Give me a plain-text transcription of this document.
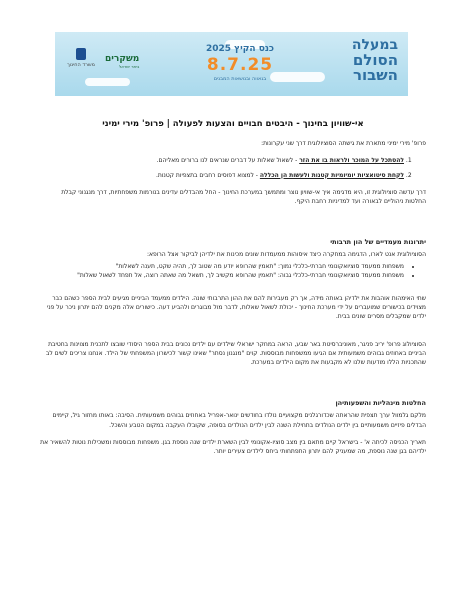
במעלה
הסולם
השבור
כנס הקיץ 2025
8.7.25
בגאווה ובנושאות המבנים
משקרים
ביתר ישראל
משרד החינוך
אי-שוויון בחינוך - היבטים חבויים והצעות לפעולה | פרופ' מירי ימיני

פרופ' מירי ימיני מתארת את גישתה הסוציולוגית דרך שני עקרונות:

1. להסתכל על המוכר ולראות בו את הזר - לשאול שאלות על דברים שנראים לנו ברורים מאליהם.
2. לקחת סיטואציות יומיומיות קטנות ולעשות הן הכללה - למצוא דפוסים רחבים בתצפיות קטנות.

דרך עדשה סוציולוגית זו, היא מדגימה איך אי-שוויון נוצר ומתמשך במערכת החינוך - החל מהבדלים עדינים בנורמות משפחתיות, דרך מנגנוני קבלת החלטות ניהוליים לבאורה ועד למדיניות רחבת היקף.

יתרונות מעמדיים של הון תרבותי

הסוציולוגית אנט לארו, הדגימה במחקרה כיצד איסוהות ממעמדות שונים מכינות את ילדיהן לביקור אצל הרופא:

• משפחות ממעמד סוציואקונומי חברתי-כלכלי נמוך: "תאמין שהרופא יודע מה שטוב לך, תהיה שקט, תענה לשאלות"
• משפחות ממעמד סוציואקונומי חברתי-כלכלי גבוה: "תאמין שהרופא מקשיב לך, תשאל מה שאתה רוצה, אל תפחד לשאול שאלות"

שתי האימהות אוהבות את ילדיהן באותה מידה, אך רק מעבירות להם את ההון התרבותי שונה. הילדים ממעמד הביניים מגיעים לבית הספר כשהם כבר מצוידים בכישורים שמועברים על ידי מערכת החינוך - יכולת לשאול שאלות, לדבר מול מבוגרים ולהביע דעה. כישורים אלה מקנים להם יתרון ניכר על פני ילדים שמקבלים מסרים שונים בבית.

הסוציולוג פרופ' יריב פניגר, מאוניברסיטת באר שבע, הראה במחקר ישראלי שילדים עם ילדים נכונים בבית הספר היסודי שובצו לתכנית מצוינות בחטיבת הביניים באחוזים גבוהים משמעותית אם הגיעו ממשפחות מבוססות. קוים "מנגנון נסתר" שאינו קשור לכישרון המשפחתי של הילד. אנחנו צריכים לשים לב שהתכניות הללו מודעות שלנו לא מקבעות את מקום הילדים במערכת.

החלטות מינהליות והשפעותיהן

מלקם גלמוול ערך תצפית שהראתה שכדורגלנים מקצועיים נולדו בחודשים ינואר-אפריל באחוזים גבוהים משמעותית. הסיבה: באותו מחזור גיל, קיימים הבדלים פיזיים משמעותיים בין ילדים הנולדים בתחילת השנה לבין ילדים הנולדים בסופה, שקובלו העקבה במקום הטבע והשכל.

תאריך הכניסה לכיתה א' - בישראל קיים מתאם בין מצב סוציו-אקונומי לבין השארת ילדים שנה נוספת בגן. משפחות מבוססות ומשכילות נוטות להשאיר את ילדיהם בגן שנה נוספת, מה שמעניק להם יתרון התפתחותי ביחס לילדים צעירים יותר.
